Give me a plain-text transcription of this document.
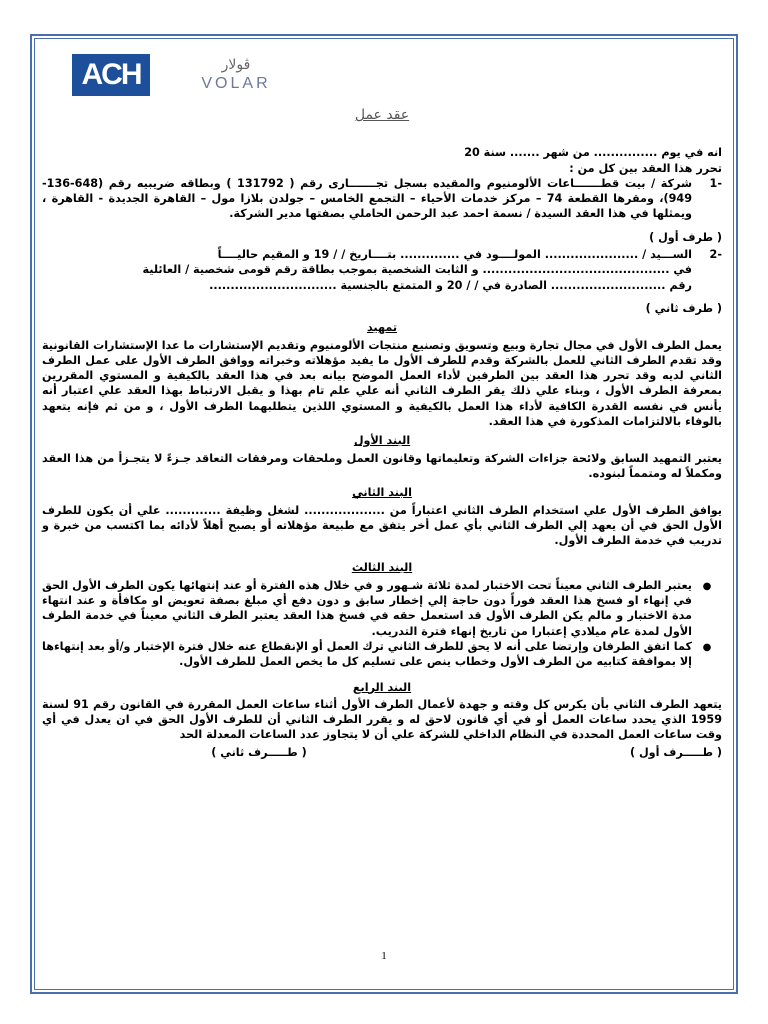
ACH	ڤولار
VOLAR
عقد عمل

انه في يوم ............... من شهر ....... سنة 20

تحرر هذا العقد بين كل من :

-1
شركة / بيت قطـــــــاعات الألومنيوم والمقيده بسجل تجـــــــارى رقم ( 131792 ) وبطاقه ضريبيه رقم (648-136-949)، ومقرها القطعة 74 – مركز خدمات الأحياء – التجمع الخامس – جولدن بلازا مول – القاهرة الجديدة - القاهرة ، ويمثلها في هذا العقد السيدة / نسمة احمد عبد الرحمن الحاملي بصفتها مدير الشركة.

( طرف أول )

-2

الســـيد / ...................... المولــــود في .............. بتــــاريخ / / 19 و المقيم حاليــــاً

في ............................................ و الثابت الشخصية بموجب بطاقة رقم قومى شخصية / العائلية

رقم ........................... الصادرة في / / 20 و المتمتع بالجنسية ..............................

( طرف ثاني )

تمهيد

يعمل الطرف الأول في مجال تجارة وبيع وتسويق وتصنيع منتجات الألومنيوم وتقديم الإستشارات ما عدا الإستشارات القانونية وقد تقدم الطرف الثاني للعمل بالشركة وقدم للطرف الأول ما يفيد مؤهلاته وخبراته ووافق الطرف الأول على عمل الطرف الثاني لديه وقد تحرر هذا العقد بين الطرفين لأداء العمل الموضح بيانه بعد في هذا العقد بالكيفية و المستوي المقررين بمعرفة الطرف الأول ، وبناء علي ذلك يقر الطرف الثاني أنه علي علم تام بهذا و يقبل الارتباط بهذا العقد علي اعتبار أنه يأنس في نفسه القدرة الكافية لأداء هذا العمل بالكيفية و المستوي اللذين يتطلبهما الطرف الأول ، و من ثم فإنه يتعهد بالوفاء بالالتزامات المذكورة في هذا العقد.

البند الأول

يعتبر التمهيد السابق ولائحة جزاءات الشركة وتعليماتها وقانون العمل وملحقات ومرفقات التعاقد جـزءً لا يتجـزأ من هذا العقد ومكملاً له ومتمماً لبنوده.

البند الثاني

يوافق الطرف الأول علي استخدام الطرف الثاني اعتباراً من ................... لشغل وظيفة ............. علي أن يكون للطرف الأول الحق في أن يعهد إلي الطرف الثاني بأي عمل أخر يتفق مع طبيعة مؤهلاته أو يصبح أهلاً لأدائه بما اكتسب من خبرة و تدريب في خدمة الطرف الأول.

البند الثالث
●
يعتبر الطرف الثاني معيناً تحت الاختبار لمدة ثلاثة شـهور و في خلال هذه الفترة أو عند إنتهائها يكون الطرف الأول الحق في إنهاء او فسخ هذا العقد فوراً دون حاجة إلي إخطار سابق و دون دفع أي مبلغ بصفة تعويض او مكافأة و عند انتهاء مدة الاختبار و مالم يكن الطرف الأول قد استعمل حقه في فسخ هذا العقد يعتبر الطرف الثاني معيناً في خدمة الطرف الأول لمدة عام ميلادي إعتبارا من تاريخ إنهاء فترة التدريب.
●
كما اتفق الطرفان وإرتضا على أنه لا يحق للطرف الثاني ترك العمل أو الإنقطاع عنه خلال فترة الإختبار و/أو بعد إنتهاءها إلا بموافقة كتابيه من الطرف الأول وخطاب ينص على تسليم كل ما يخص العمل للطرف الأول.
البند الرابع

يتعهد الطرف الثاني بأن يكرس كل وقته و جهدة لأعمال الطرف الأول أثناء ساعات العمل المقررة في القانون رقم 91 لسنة 1959 الذي يحدد ساعات العمل أو في أي قانون لاحق له و يقرر الطرف الثاني أن للطرف الأول الحق في ان يعدل في أي وقت ساعات العمل المحددة في النظام الداخلي للشركة علي أن لا يتجاوز عدد الساعات المعدلة الحد

( طـــــرف أول )                                                                                   ( طـــــرف ثاني )

1
